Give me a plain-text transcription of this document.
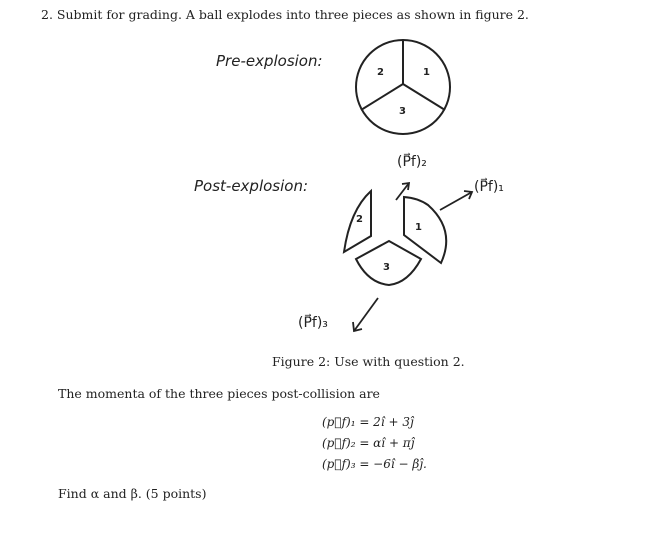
2. Submit for grading. A ball explodes into three pieces as shown in figure 2.
Pre-explosion:
2	1
3
Post-explosion:
2
1
3
(P⃗f)₂
(P⃗f)₁
(P⃗f)₃
Figure 2: Use with question 2.
The momenta of the three pieces post-collision are
(p⃗f)₁ = 2î + 3ĵ
(p⃗f)₂ = αî + πĵ
(p⃗f)₃ = −6î − βĵ.
Find α and β. (5 points)
